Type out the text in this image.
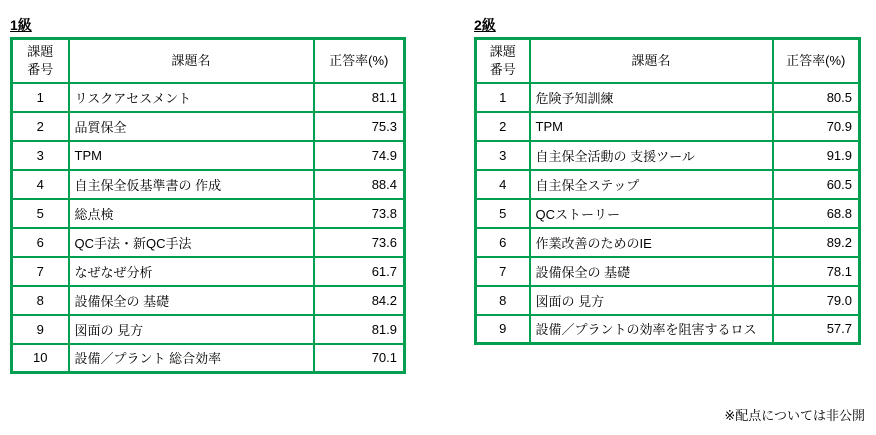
1級
課題
番号	課題名	正答率(%)
1	リスクアセスメント	81.1
2	品質保全	75.3
3	TPM	74.9
4	自主保全仮基準書の 作成	88.4
5	総点検	73.8
6	QC手法・新QC手法	73.6
7	なぜなぜ分析	61.7
8	設備保全の 基礎	84.2
9	図面の 見方	81.9
10	設備／プラント 総合効率	70.1
2級
課題
番号	課題名	正答率(%)
1	危険予知訓練	80.5
2	TPM	70.9
3	自主保全活動の 支援ツール	91.9
4	自主保全ステップ	60.5
5	QCストーリー	68.8
6	作業改善のためのIE	89.2
7	設備保全の 基礎	78.1
8	図面の 見方	79.0
9	設備／プラントの効率を阻害するロス	57.7
※配点については非公開
